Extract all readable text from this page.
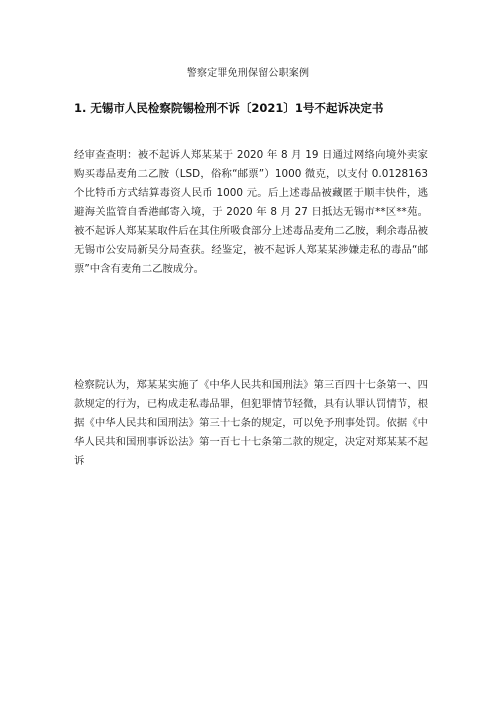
警察定罪免刑保留公职案例
1. 无锡市人民检察院锡检刑不诉〔2021〕1号不起诉决定书
经审查查明：被不起诉人郑某某于 2020 年 8 月 19 日通过网络向境外卖家购买毒品麦角二乙胺（LSD，俗称“邮票”）1000 微克，以支付 0.0128163 个比特币方式结算毒资人民币 1000 元。后上述毒品被藏匿于顺丰快件，逃避海关监管自香港邮寄入境，于 2020 年 8 月 27 日抵达无锡市**区**苑。被不起诉人郑某某取件后在其住所吸食部分上述毒品麦角二乙胺，剩余毒品被无锡市公安局新吴分局查获。经鉴定，被不起诉人郑某某涉嫌走私的毒品“邮票”中含有麦角二乙胺成分。
检察院认为，郑某某实施了《中华人民共和国刑法》第三百四十七条第一、四款规定的行为，已构成走私毒品罪，但犯罪情节轻微，具有认罪认罚情节，根据《中华人民共和国刑法》第三十七条的规定，可以免予刑事处罚。依据《中华人民共和国刑事诉讼法》第一百七十七条第二款的规定，决定对郑某某不起诉
